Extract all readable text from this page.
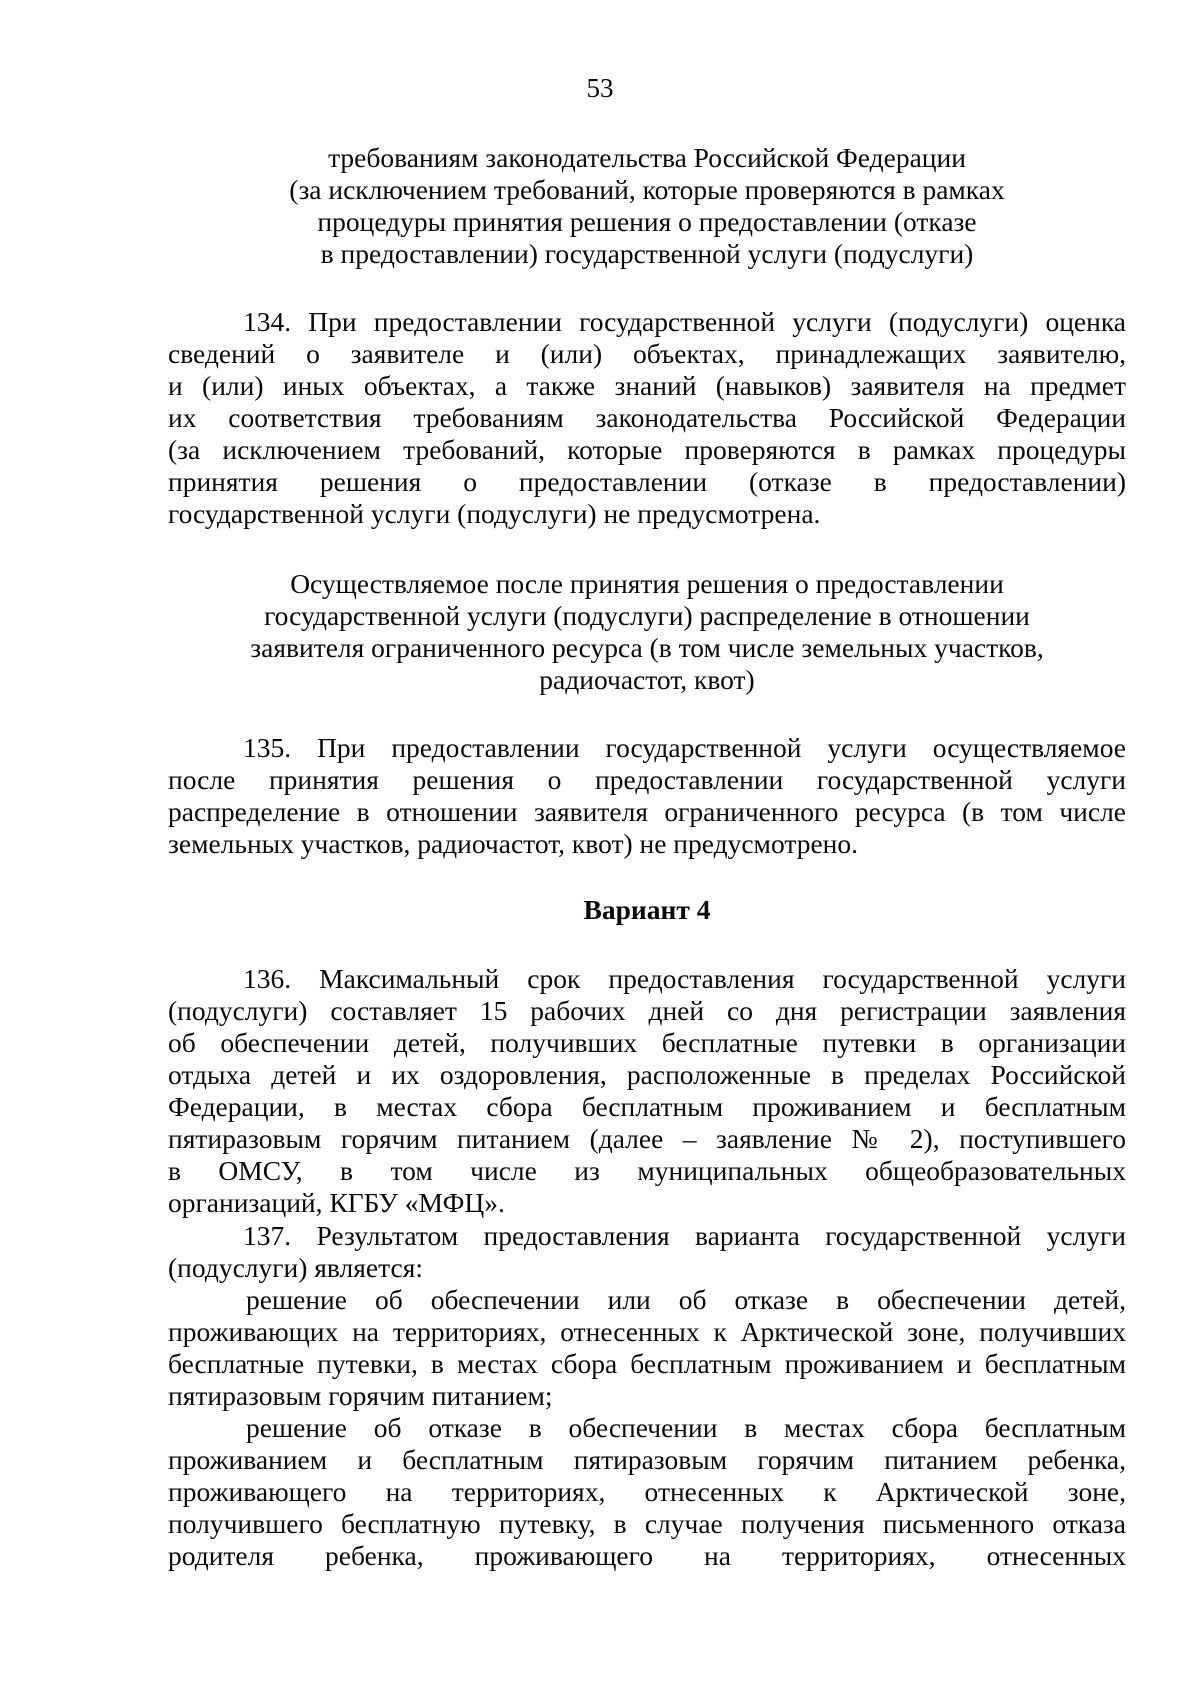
53
требованиям законодательства Российской Федерации
(за исключением требований, которые проверяются в рамках
процедуры принятия решения о предоставлении (отказе
в предоставлении) государственной услуги (подуслуги)
134. При предоставлении государственной услуги (подуслуги) оценка
сведений о заявителе и (или) объектах, принадлежащих заявителю,
и (или) иных объектах, а также знаний (навыков) заявителя на предмет
их соответствия требованиям законодательства Российской Федерации
(за исключением требований, которые проверяются в рамках процедуры
принятия решения о предоставлении (отказе в предоставлении)
государственной услуги (подуслуги) не предусмотрена.
Осуществляемое после принятия решения о предоставлении
государственной услуги (подуслуги) распределение в отношении
заявителя ограниченного ресурса (в том числе земельных участков,
радиочастот, квот)
135. При предоставлении государственной услуги осуществляемое
после принятия решения о предоставлении государственной услуги
распределение в отношении заявителя ограниченного ресурса (в том числе
земельных участков, радиочастот, квот) не предусмотрено.
Вариант 4
136. Максимальный срок предоставления государственной услуги
(подуслуги) составляет 15 рабочих дней со дня регистрации заявления
об обеспечении детей, получивших бесплатные путевки в организации
отдыха детей и их оздоровления, расположенные в пределах Российской
Федерации, в местах сбора бесплатным проживанием и бесплатным
пятиразовым горячим питанием (далее – заявление № 2), поступившего
в ОМСУ, в том числе из муниципальных общеобразовательных
организаций, КГБУ «МФЦ».
137. Результатом предоставления варианта государственной услуги
(подуслуги) является:
решение об обеспечении или об отказе в обеспечении детей,
проживающих на территориях, отнесенных к Арктической зоне, получивших
бесплатные путевки, в местах сбора бесплатным проживанием и бесплатным
пятиразовым горячим питанием;
решение об отказе в обеспечении в местах сбора бесплатным
проживанием и бесплатным пятиразовым горячим питанием ребенка,
проживающего на территориях, отнесенных к Арктической зоне,
получившего бесплатную путевку, в случае получения письменного отказа
родителя ребенка, проживающего на территориях, отнесенных
